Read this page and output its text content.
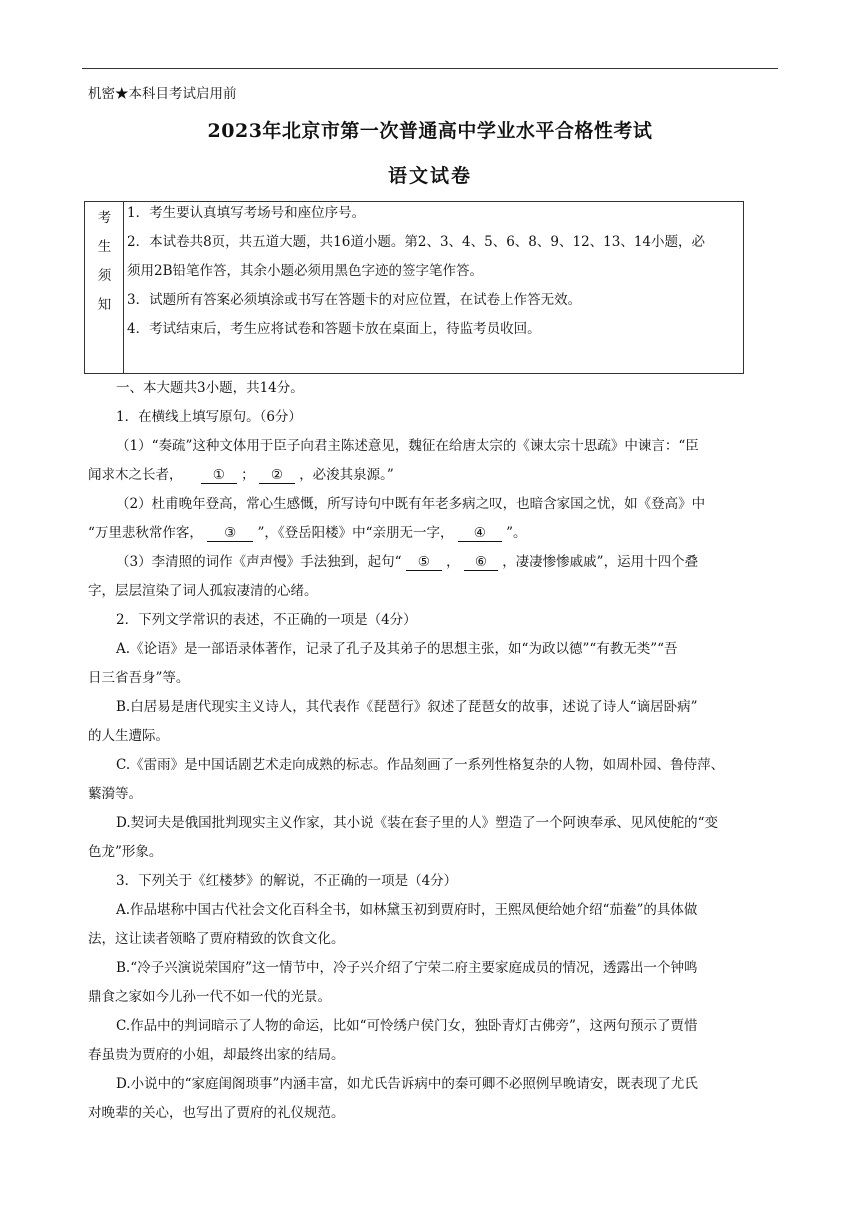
机密★本科目考试启用前
2023年北京市第一次普通高中学业水平合格性考试
语文试卷
考
生
须
知
1．考生要认真填写考场号和座位序号。
2．本试卷共8页，共五道大题，共16道小题。第2、3、4、5、6、8、9、12、13、14小题，必
须用2B铅笔作答，其余小题必须用黑色字迹的签字笔作答。
3．试题所有答案必须填涂或书写在答题卡的对应位置，在试卷上作答无效。
4．考试结束后，考生应将试卷和答题卡放在桌面上，待监考员收回。
一、本大题共3小题，共14分。
1．在横线上填写原句。（6分）
（1）“奏疏”这种文体用于臣子向君主陈述意见，魏征在给唐太宗的《谏太宗十思疏》中谏言：“臣
闻求木之长者， ① ； ② ，必浚其泉源。”
（2）杜甫晚年登高，常心生感慨，所写诗句中既有年老多病之叹，也暗含家国之忧，如《登高》中
“万里悲秋常作客， ③ ”，《登岳阳楼》中“亲朋无一字， ④ ”。
（3）李清照的词作《声声慢》手法独到，起句“ ⑤ ， ⑥ ，凄凄惨惨戚戚”，运用十四个叠
字，层层渲染了词人孤寂凄清的心绪。
2．下列文学常识的表述，不正确的一项是（4分）
A.《论语》是一部语录体著作，记录了孔子及其弟子的思想主张，如“为政以德”“有教无类”“吾
日三省吾身”等。
B.白居易是唐代现实主义诗人，其代表作《琵琶行》叙述了琵琶女的故事，述说了诗人“谪居卧病”
的人生遭际。
C.《雷雨》是中国话剧艺术走向成熟的标志。作品刻画了一系列性格复杂的人物，如周朴园、鲁侍萍、
蘩漪等。
D.契诃夫是俄国批判现实主义作家，其小说《装在套子里的人》塑造了一个阿谀奉承、见风使舵的“变
色龙”形象。
3．下列关于《红楼梦》的解说，不正确的一项是（4分）
A.作品堪称中国古代社会文化百科全书，如林黛玉初到贾府时，王熙凤便给她介绍“茄鲞”的具体做
法，这让读者领略了贾府精致的饮食文化。
B.“冷子兴演说荣国府”这一情节中，冷子兴介绍了宁荣二府主要家庭成员的情况，透露出一个钟鸣
鼎食之家如今儿孙一代不如一代的光景。
C.作品中的判词暗示了人物的命运，比如“可怜绣户侯门女，独卧青灯古佛旁”，这两句预示了贾惜
春虽贵为贾府的小姐，却最终出家的结局。
D.小说中的“家庭闺阁琐事”内涵丰富，如尤氏告诉病中的秦可卿不必照例早晚请安，既表现了尤氏
对晚辈的关心，也写出了贾府的礼仪规范。
